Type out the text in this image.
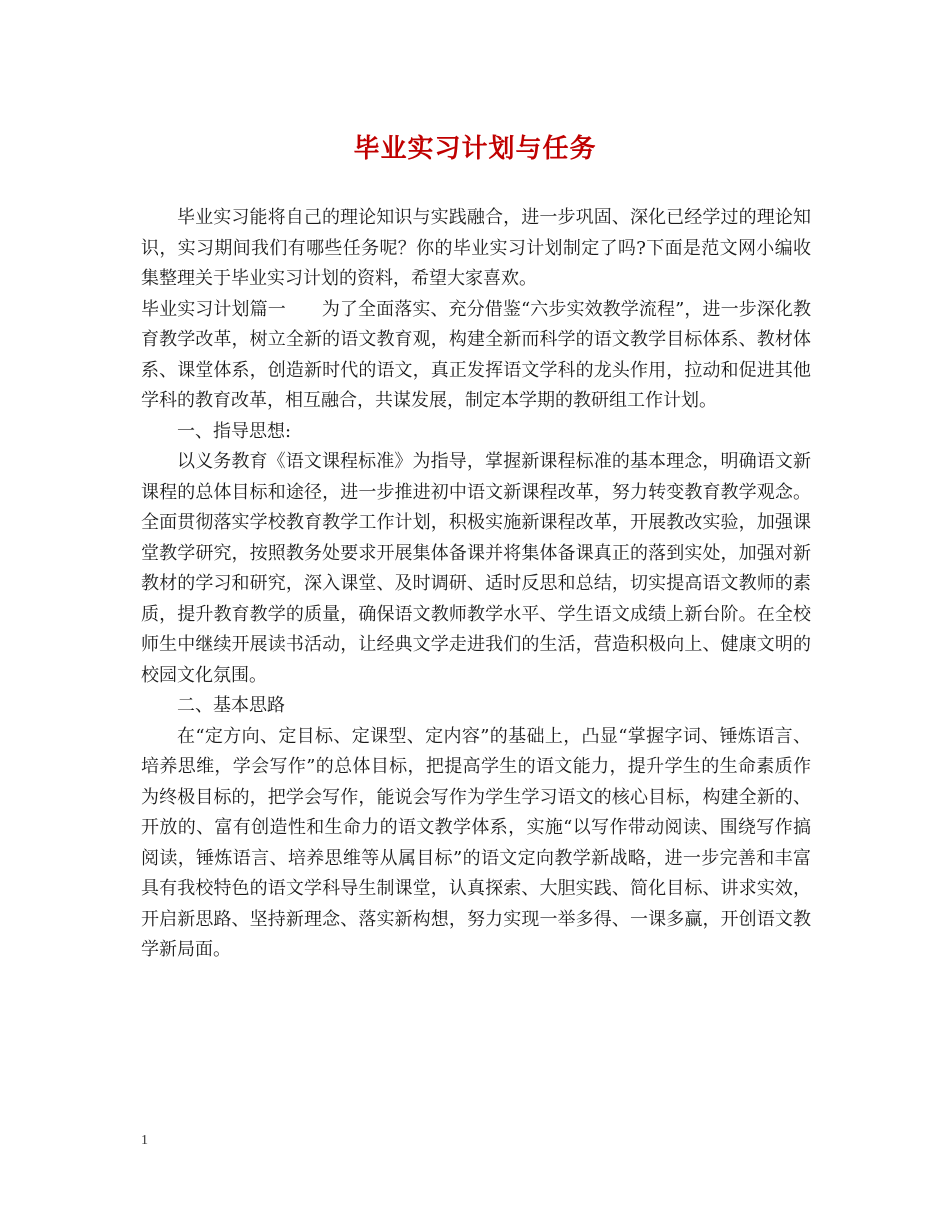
毕业实习计划与任务

毕业实习能将自己的理论知识与实践融合，进一步巩固、深化已经学过的理论知识，实习期间我们有哪些任务呢？你的毕业实习计划制定了吗?下面是范文网小编收集整理关于毕业实习计划的资料，希望大家喜欢。

毕业实习计划篇一 为了全面落实、充分借鉴“六步实效教学流程”，进一步深化教育教学改革，树立全新的语文教育观，构建全新而科学的语文教学目标体系、教材体系、课堂体系，创造新时代的语文，真正发挥语文学科的龙头作用，拉动和促进其他学科的教育改革，相互融合，共谋发展，制定本学期的教研组工作计划。

一、指导思想:

以义务教育《语文课程标准》为指导，掌握新课程标准的基本理念，明确语文新课程的总体目标和途径，进一步推进初中语文新课程改革，努力转变教育教学观念。全面贯彻落实学校教育教学工作计划，积极实施新课程改革，开展教改实验，加强课堂教学研究，按照教务处要求开展集体备课并将集体备课真正的落到实处，加强对新教材的学习和研究，深入课堂、及时调研、适时反思和总结，切实提高语文教师的素质，提升教育教学的质量，确保语文教师教学水平、学生语文成绩上新台阶。在全校师生中继续开展读书活动，让经典文学走进我们的生活，营造积极向上、健康文明的校园文化氛围。

二、基本思路

在“定方向、定目标、定课型、定内容”的基础上，凸显“掌握字词、锤炼语言、培养思维，学会写作”的总体目标，把提高学生的语文能力，提升学生的生命素质作为终极目标的，把学会写作，能说会写作为学生学习语文的核心目标，构建全新的、开放的、富有创造性和生命力的语文教学体系，实施“以写作带动阅读、围绕写作搞阅读，锤炼语言、培养思维等从属目标”的语文定向教学新战略，进一步完善和丰富具有我校特色的语文学科导生制课堂，认真探索、大胆实践、简化目标、讲求实效，开启新思路、坚持新理念、落实新构想，努力实现一举多得、一课多赢，开创语文教学新局面。

1
